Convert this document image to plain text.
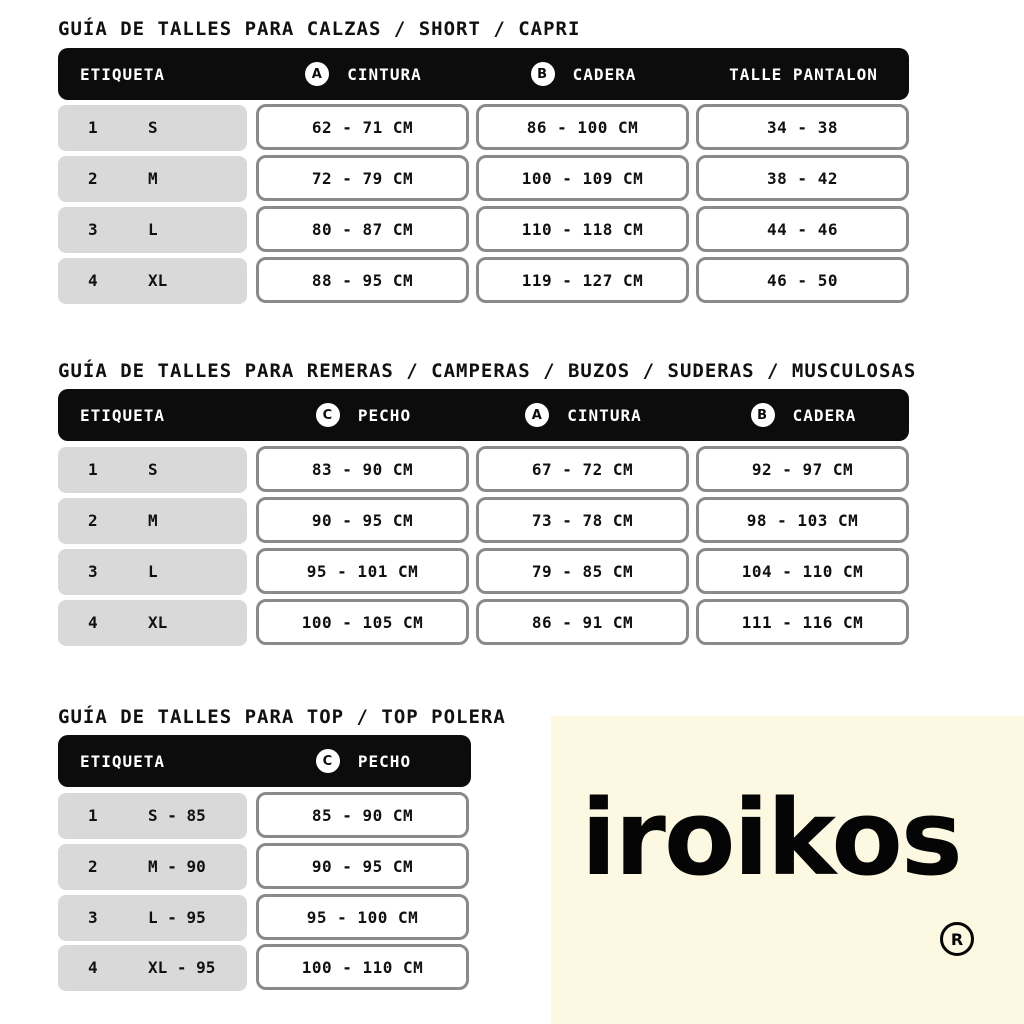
GUÍA DE TALLES PARA CALZAS / SHORT / CAPRI
ETIQUETA	A	CINTURA	B	CADERA	TALLE PANTALON
1	S	62 - 71 CM	86 - 100 CM	34 - 38
2	M	72 - 79 CM	100 - 109 CM	38 - 42
3	L	80 - 87 CM	110 - 118 CM	44 - 46
4	XL	88 - 95 CM	119 - 127 CM	46 - 50
GUÍA DE TALLES PARA REMERAS / CAMPERAS / BUZOS / SUDERAS / MUSCULOSAS
ETIQUETA	C	PECHO	A	CINTURA	B	CADERA
1	S	83 - 90 CM	67 - 72 CM	92 - 97 CM
2	M	90 - 95 CM	73 - 78 CM	98 - 103 CM
3	L	95 - 101 CM	79 - 85 CM	104 - 110 CM
4	XL	100 - 105 CM	86 - 91 CM	111 - 116 CM
GUÍA DE TALLES PARA TOP / TOP POLERA
ETIQUETA	C	PECHO
1	S - 85	85 - 90 CM
2	M - 90	90 - 95 CM
3	L - 95	95 - 100 CM
4	XL - 95	100 - 110 CM
iroikos
R
